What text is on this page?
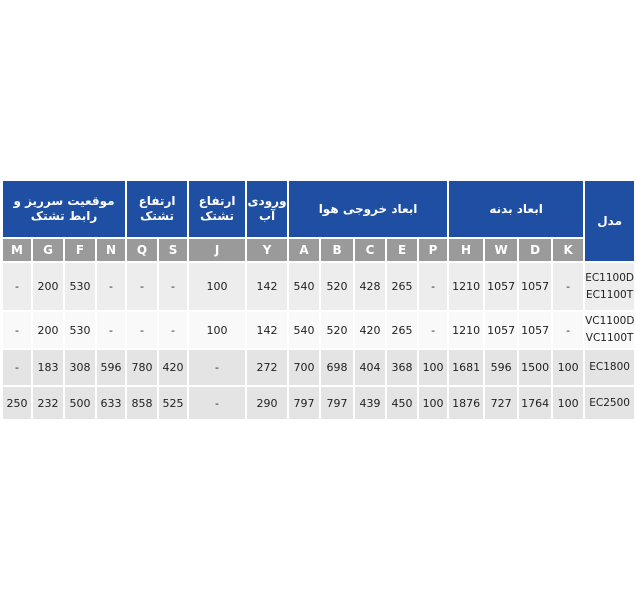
موقعیت سرریز و رابط تشتک				ارتفاع تشتک		ارتفاع تشتک	ورودی آب	ابعاد خروجی هوا					ابعاد بدنه				مدل
M	G	F	N	Q	S	J	Y	A	B	C	E	P	H	W	D	K	
-	200	530	-	-	-	100	142	540	520	428	265	-	1210	1057	1057	-	EC1100D
EC1100T

-	200	530	-	-	-	100	142	540	520	420	265	-	1210	1057	1057	-	VC1100D
VC1100T

-	183	308	596	780	420	-	272	700	698	404	368	100	1681	596	1500	100	EC1800

250	232	500	633	858	525	-	290	797	797	439	450	100	1876	727	1764	100	EC2500
